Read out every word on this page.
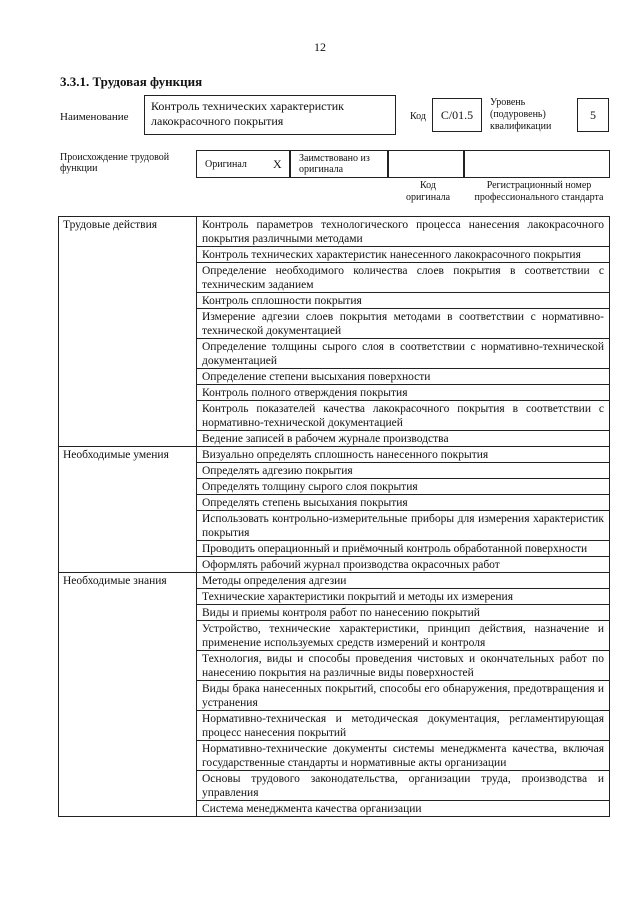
12
3.3.1. Трудовая функция
Наименование
Контроль технических характеристик лакокрасочного покрытия	Код	С/01.5
Уровень (подуровень) квалификации
5
Происхождение трудовой функции	Оригинал X Заимствовано из оригинала
Код оригинала
Регистрационный номер профессионального стандарта
Трудовые действия	Контроль параметров технологического процесса нанесения лакокрасочного покрытия различными методами
	Контроль технических характеристик нанесенного лакокрасочного покрытия
	Определение необходимого количества слоев покрытия в соответствии с техническим заданием
	Контроль сплошности покрытия
	Измерение адгезии слоев покрытия методами в соответствии с нормативно-технической документацией
	Определение толщины сырого слоя в соответствии с нормативно-технической документацией
	Определение степени высыхания поверхности
	Контроль полного отверждения покрытия
	Контроль показателей качества лакокрасочного покрытия в соответствии с нормативно-технической документацией
	Ведение записей в рабочем журнале производства
Необходимые умения	Визуально определять сплошность нанесенного покрытия
	Определять адгезию покрытия
	Определять толщину сырого слоя покрытия
	Определять степень высыхания покрытия
	Использовать контрольно-измерительные приборы для измерения характеристик покрытия
	Проводить операционный и приёмочный контроль обработанной поверхности
	Оформлять рабочий журнал производства окрасочных работ
Необходимые знания	Методы определения адгезии
	Технические характеристики покрытий и методы их измерения
	Виды и приемы контроля работ по нанесению покрытий
	Устройство, технические характеристики, принцип действия, назначение и применение используемых средств измерений и контроля
	Технология, виды и способы проведения чистовых и окончательных работ по нанесению покрытия на различные виды поверхностей
	Виды брака нанесенных покрытий, способы его обнаружения, предотвращения и устранения
	Нормативно-техническая и методическая документация, регламентирующая процесс нанесения покрытий
	Нормативно-технические документы системы менеджмента качества, включая государственные стандарты и нормативные акты организации
	Основы трудового законодательства, организации труда, производства и управления
	Система менеджмента качества организации
